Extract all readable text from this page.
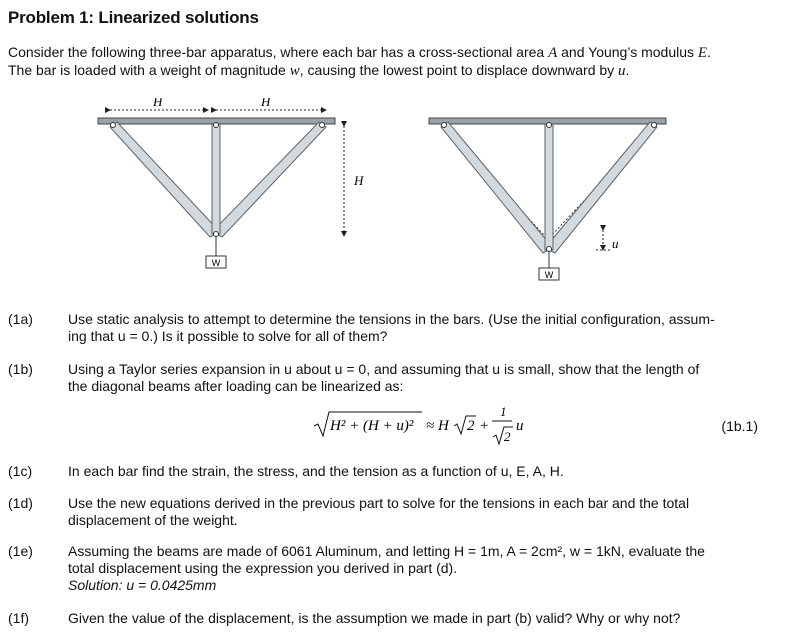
Problem 1: Linearized solutions
Consider the following three-bar apparatus, where each bar has a cross-sectional area A and Young’s modulus E.
The bar is loaded with a weight of magnitude w, causing the lowest point to displace downward by u.
H	H
W
H
W
u
(1a)	Use static analysis to attempt to determine the tensions in the bars. (Use the initial configuration, assum-
ing that u = 0.) Is it possible to solve for all of them?
(1b)	Using a Taylor series expansion in u about u = 0, and assuming that u is small, show that the length of
the diagonal beams after loading can be linearized as:
H² + (H + u)² ≈ H 2 +
1
2
u	(1b.1)
(1c)	In each bar find the strain, the stress, and the tension as a function of u, E, A, H.
(1d)	Use the new equations derived in the previous part to solve for the tensions in each bar and the total
displacement of the weight.
(1e)	Assuming the beams are made of 6061 Aluminum, and letting H = 1m, A = 2cm², w = 1kN, evaluate the
total displacement using the expression you derived in part (d).
Solution: u = 0.0425mm
(1f)	Given the value of the displacement, is the assumption we made in part (b) valid? Why or why not?
